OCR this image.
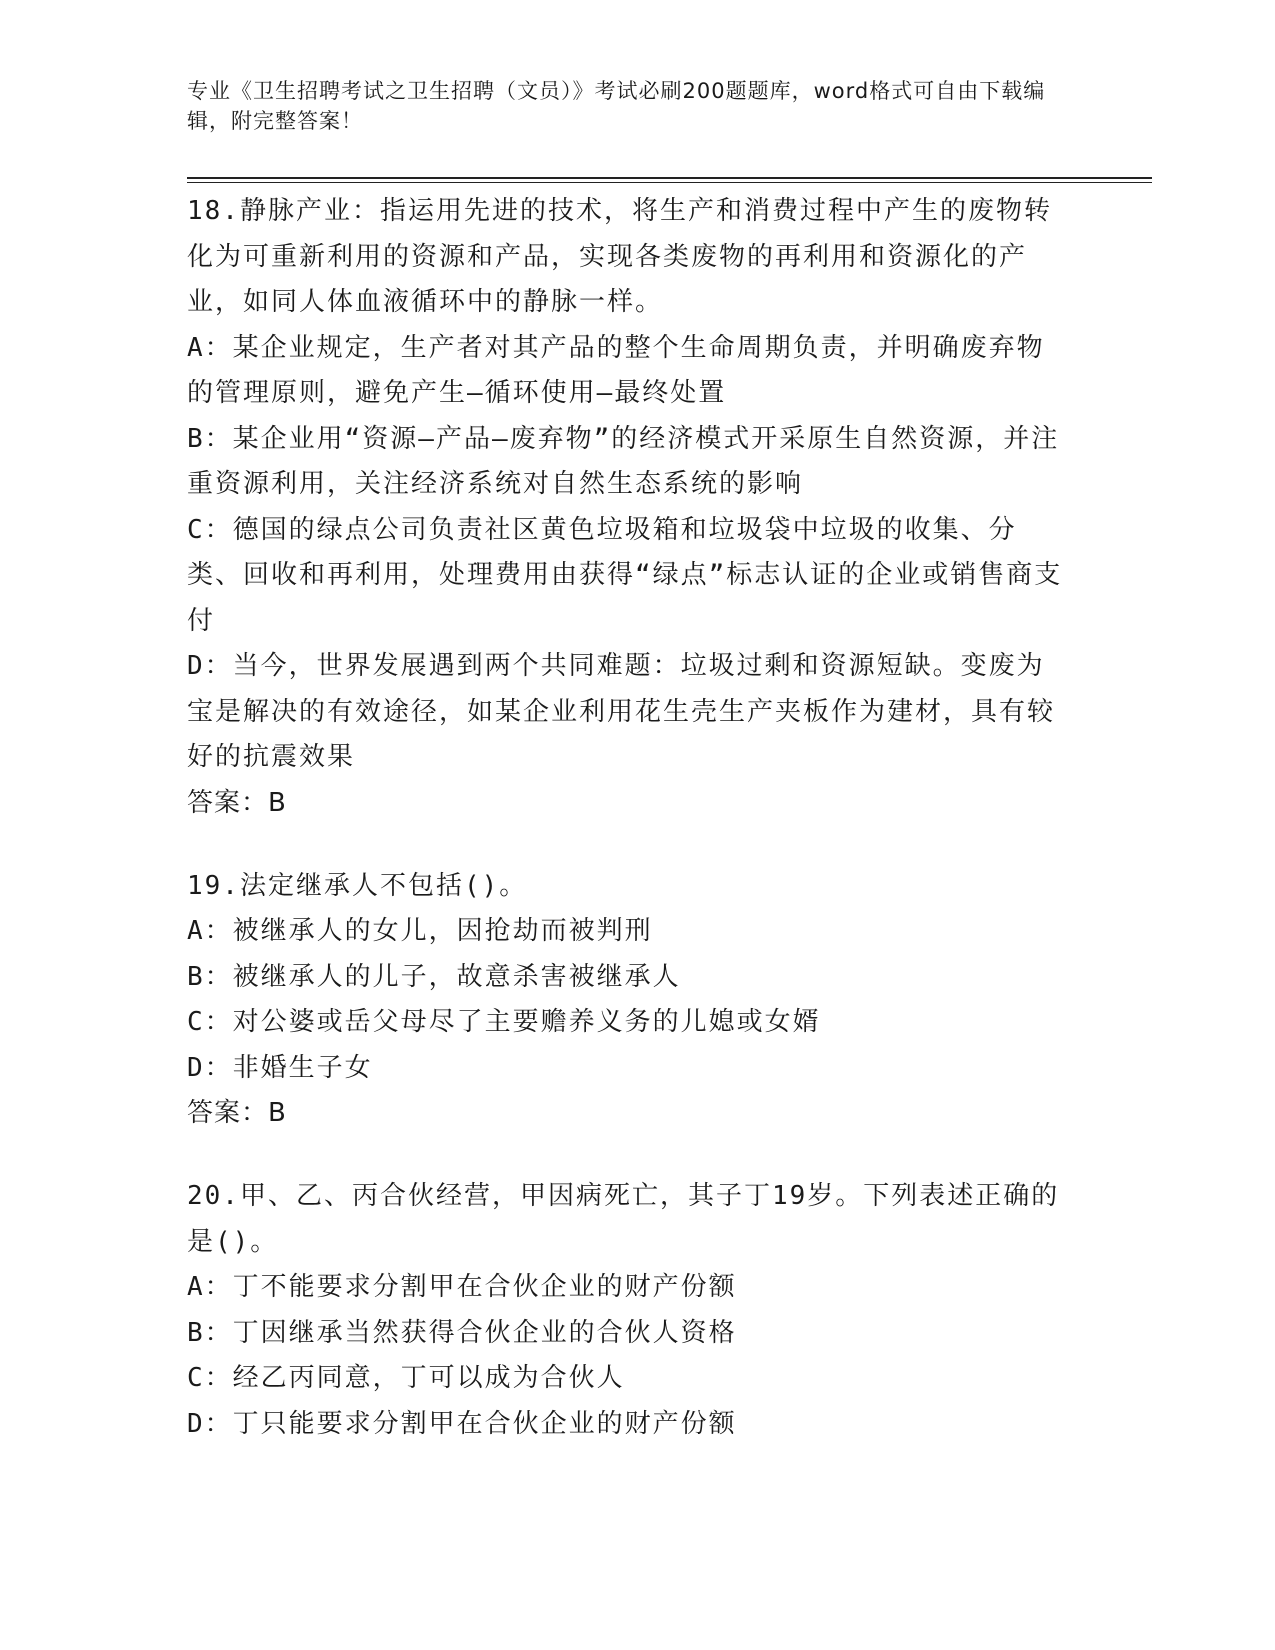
专业《卫生招聘考试之卫生招聘（文员）》考试必刷200题题库，word格式可自由下载编辑，附完整答案！

18.静脉产业：指运用先进的技术，将生产和消费过程中产生的废物转化为可重新利用的资源和产品，实现各类废物的再利用和资源化的产业，如同人体血液循环中的静脉一样。

A：某企业规定，生产者对其产品的整个生命周期负责，并明确废弃物的管理原则，避免产生—循环使用—最终处置

B：某企业用“资源—产品—废弃物”的经济模式开采原生自然资源，并注重资源利用，关注经济系统对自然生态系统的影响

C：德国的绿点公司负责社区黄色垃圾箱和垃圾袋中垃圾的收集、分类、回收和再利用，处理费用由获得“绿点”标志认证的企业或销售商支付

D：当今，世界发展遇到两个共同难题：垃圾过剩和资源短缺。变废为宝是解决的有效途径，如某企业利用花生壳生产夹板作为建材，具有较好的抗震效果

答案：B

19.法定继承人不包括()。

A：被继承人的女儿，因抢劫而被判刑

B：被继承人的儿子，故意杀害被继承人

C：对公婆或岳父母尽了主要赡养义务的儿媳或女婿

D：非婚生子女

答案：B

20.甲、乙、丙合伙经营，甲因病死亡，其子丁19岁。下列表述正确的是()。

A：丁不能要求分割甲在合伙企业的财产份额

B：丁因继承当然获得合伙企业的合伙人资格

C：经乙丙同意，丁可以成为合伙人

D：丁只能要求分割甲在合伙企业的财产份额
